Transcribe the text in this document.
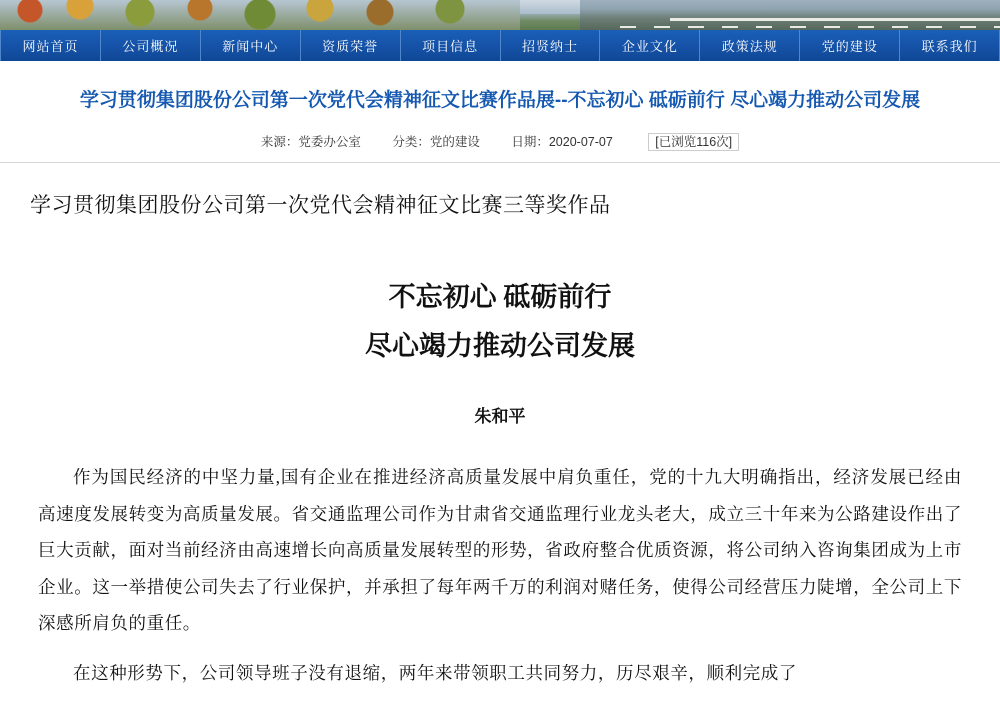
网站首页	公司概况	新闻中心	资质荣誉	项目信息	招贤纳士	企业文化	政策法规	党的建设	联系我们
学习贯彻集团股份公司第一次党代会精神征文比赛作品展--不忘初心 砥砺前行 尽心竭力推动公司发展
来源：党委办公室	分类：党的建设	日期：2020-07-07	[已浏览116次]
学习贯彻集团股份公司第一次党代会精神征文比赛三等奖作品
不忘初心 砥砺前行
尽心竭力推动公司发展
朱和平

作为国民经济的中坚力量,国有企业在推进经济高质量发展中肩负重任，党的十九大明确指出，经济发展已经由高速度发展转变为高质量发展。省交通监理公司作为甘肃省交通监理行业龙头老大，成立三十年来为公路建设作出了巨大贡献，面对当前经济由高速增长向高质量发展转型的形势，省政府整合优质资源，将公司纳入咨询集团成为上市企业。这一举措使公司失去了行业保护，并承担了每年两千万的利润对赌任务，使得公司经营压力陡增，全公司上下深感所肩负的重任。

在这种形势下，公司领导班子没有退缩，两年来带领职工共同努力，历尽艰辛，顺利完成了
